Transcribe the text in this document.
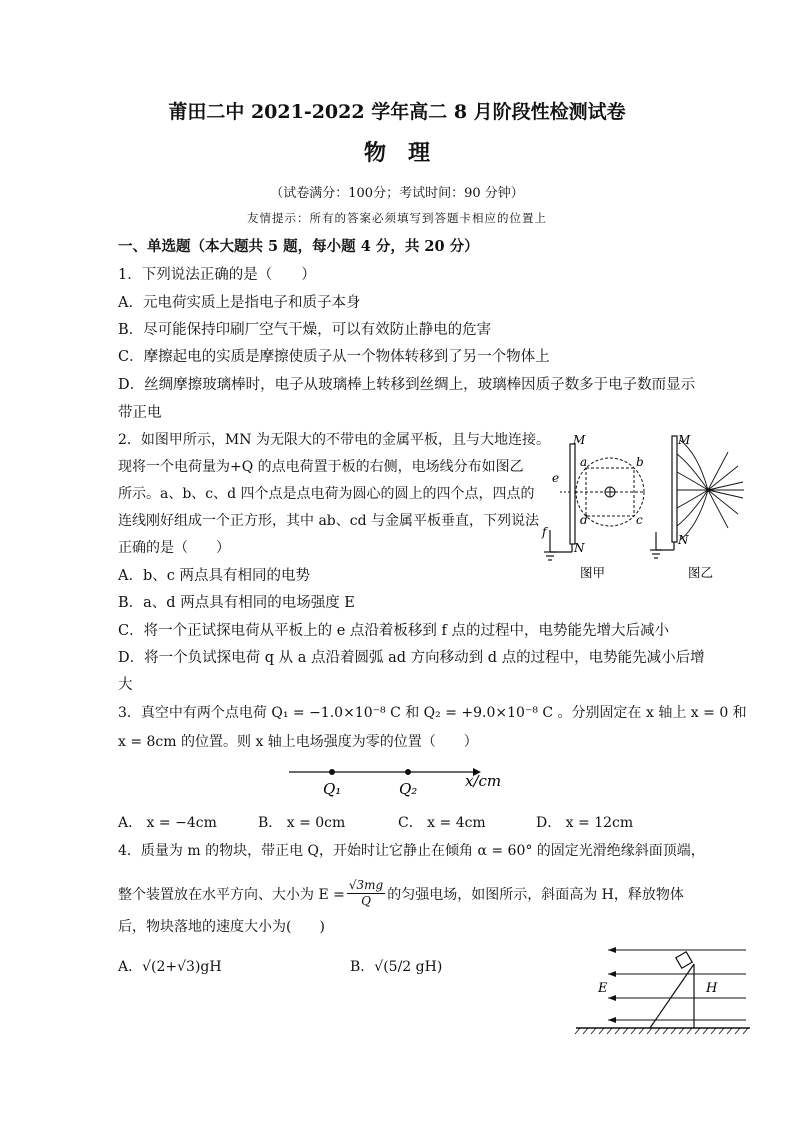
莆田二中 2021-2022 学年高二 8 月阶段性检测试卷
物　理
（试卷满分：100分；考试时间：90 分钟）
友情提示：所有的答案必须填写到答题卡相应的位置上
一、单选题（本大题共 5 题，每小题 4 分，共 20 分）
1．下列说法正确的是（　　）
A．元电荷实质上是指电子和质子本身
B．尽可能保持印刷厂空气干燥，可以有效防止静电的危害
C．摩擦起电的实质是摩擦使质子从一个物体转移到了另一个物体上
D．丝绸摩擦玻璃棒时，电子从玻璃棒上转移到丝绸上，玻璃棒因质子数多于电子数而显示
带正电
2．如图甲所示，MN 为无限大的不带电的金属平板，且与大地连接。
现将一个电荷量为+Q 的点电荷置于板的右侧，电场线分布如图乙
所示。a、b、c、d 四个点是点电荷为圆心的圆上的四个点，四点的
连线刚好组成一个正方形，其中 ab、cd 与金属平板垂直，下列说法
正确的是（　　）
A．b、c 两点具有相同的电势
B．a、d 两点具有相同的电场强度 E
C．将一个正试探电荷从平板上的 e 点沿着板移到 f 点的过程中，电势能先增大后减小
D．将一个负试探电荷 q 从 a 点沿着圆弧 ad 方向移动到 d 点的过程中，电势能先减小后增
大
M
N
e
f
a	b
c
d
图甲
M
N
图乙
3．真空中有两个点电荷 Q₁ = −1.0×10⁻⁸ C 和 Q₂ = +9.0×10⁻⁸ C 。分别固定在 x 轴上 x = 0 和
x = 8cm 的位置。则 x 轴上电场强度为零的位置（　　）
Q₁	Q₂	x/cm
A． x = −4cm	B． x = 0cm	C． x = 4cm	D． x = 12cm
4．质量为 m 的物块，带正电 Q，开始时让它静止在倾角 α = 60° 的固定光滑绝缘斜面顶端，
整个装置放在水平方向、大小为 $E = \frac{√3mg}{Q}$ 的匀强电场，如图所示，斜面高为 H，释放物体
后，物块落地的速度大小为(　　)
A．√(2+√3)gH	B．√(5/2 gH)
E	H
